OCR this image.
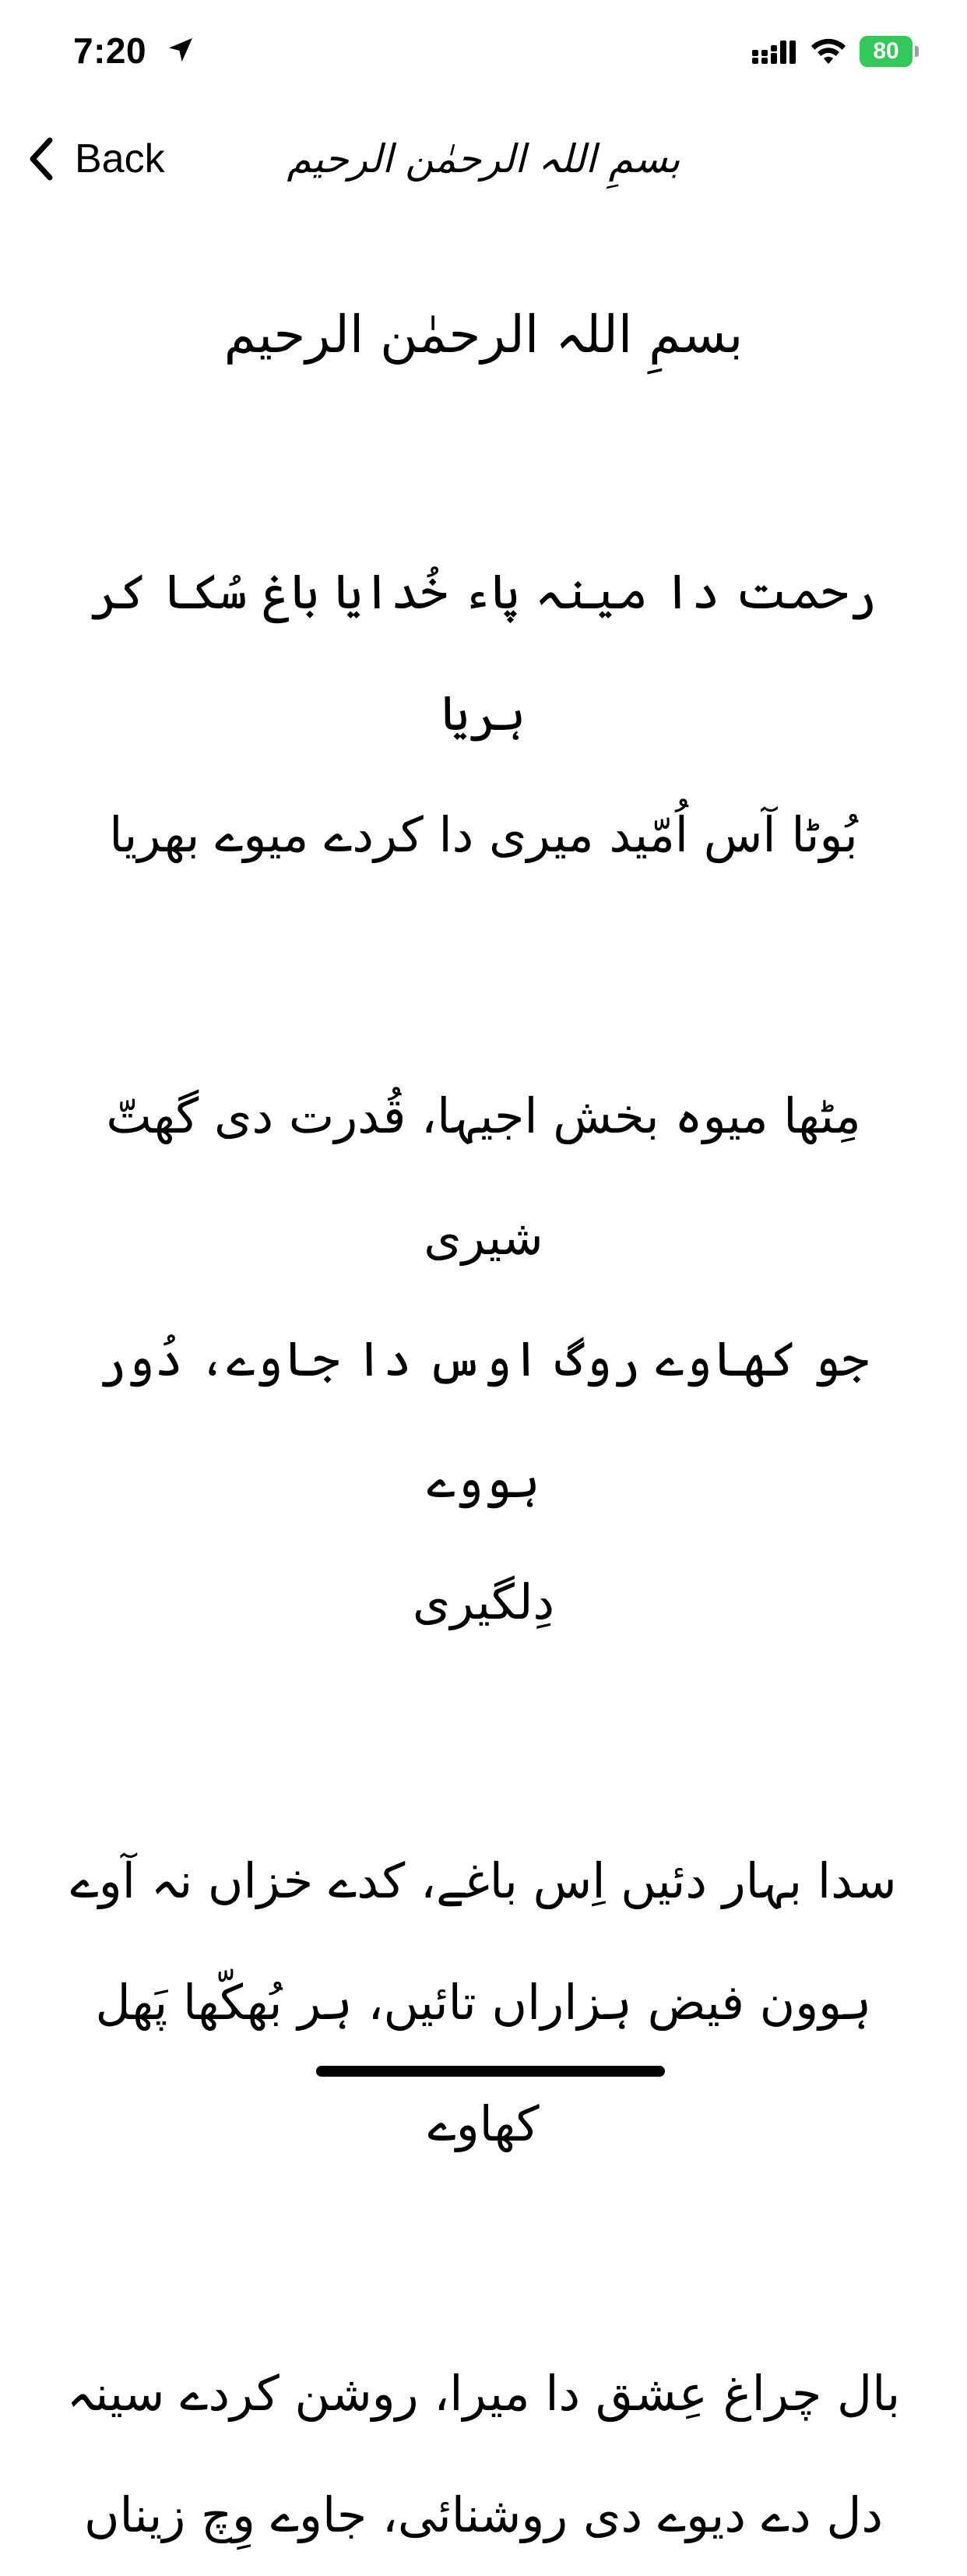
7:20	80
Back	بسمِ اللہ الرحمٰن الرحیم

بسمِ اللہ الرحمٰن الرحیم

رحمت دا مینہ پاء خُدایا باغ سُکا کر ہریا
بُوٹا آس اُمّید میری دا کردے میوے بھریا
مِٹھا میوہ بخش اجیہا، قُدرت دی گھتّ شیری
جو کھاوے روگ اوس دا جاوے، دُور ہووے
دِلگیری
سدا بہار دئیں اِس باغے، کدے خزاں نہ آوے
ہوون فیض ہزاراں تائیں، ہر بُھکّھا پَھل کھاوے
بال چراغ عِشق دا میرا، روشن کردے سینہ
دل دے دیوے دی روشنائی، جاوے وِچ زیناں
